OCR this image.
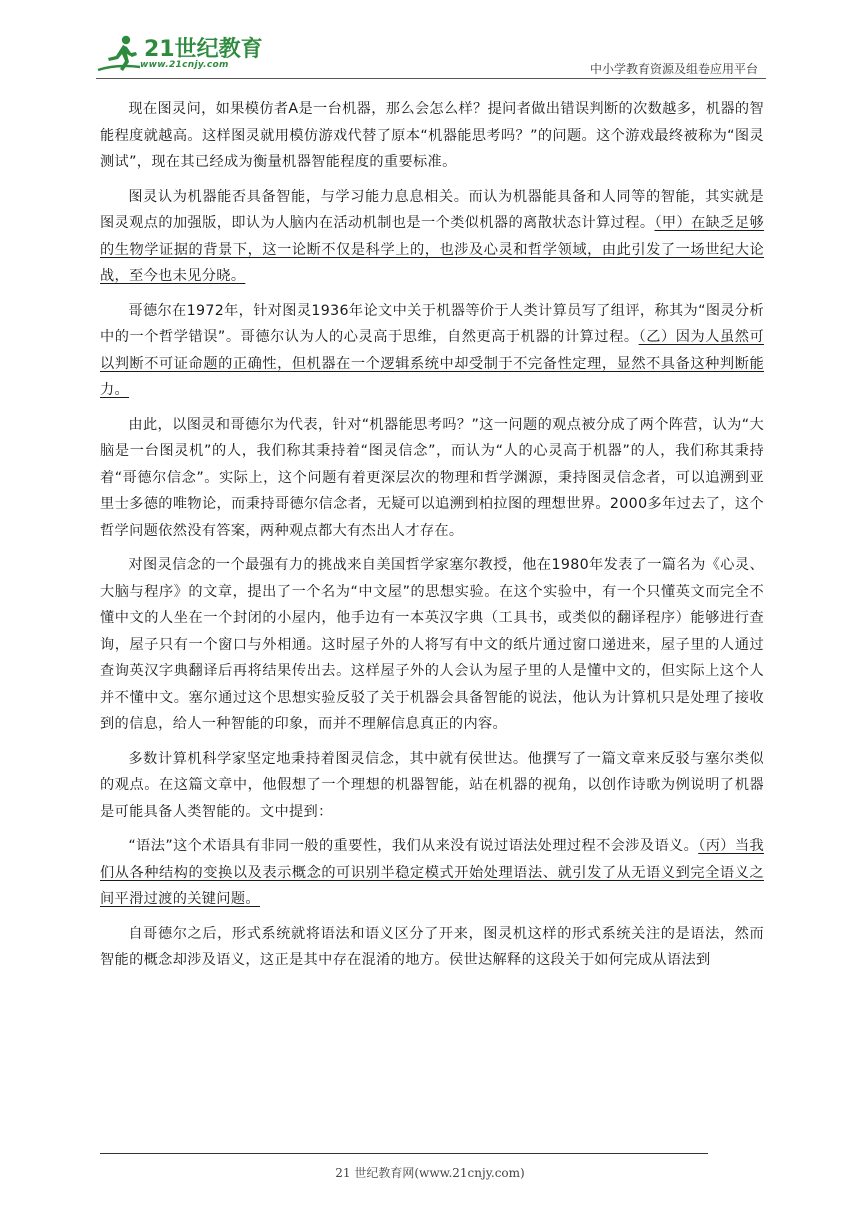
21世纪教育
www.21cnjy.com	中小学教育资源及组卷应用平台

现在图灵问，如果模仿者A是一台机器，那么会怎么样？提问者做出错误判断的次数越多，机器的智能程度就越高。这样图灵就用模仿游戏代替了原本“机器能思考吗？”的问题。这个游戏最终被称为“图灵测试”，现在其已经成为衡量机器智能程度的重要标准。

图灵认为机器能否具备智能，与学习能力息息相关。而认为机器能具备和人同等的智能，其实就是图灵观点的加强版，即认为人脑内在活动机制也是一个类似机器的离散状态计算过程。（甲）在缺乏足够的生物学证据的背景下，这一论断不仅是科学上的，也涉及心灵和哲学领域，由此引发了一场世纪大论战，至今也未见分晓。

哥德尔在1972年，针对图灵1936年论文中关于机器等价于人类计算员写了组评，称其为“图灵分析中的一个哲学错误”。哥德尔认为人的心灵高于思维，自然更高于机器的计算过程。（乙）因为人虽然可以判断不可证命题的正确性，但机器在一个逻辑系统中却受制于不完备性定理，显然不具备这种判断能力。

由此，以图灵和哥德尔为代表，针对“机器能思考吗？”这一问题的观点被分成了两个阵营，认为“大脑是一台图灵机”的人，我们称其秉持着“图灵信念”，而认为“人的心灵高于机器”的人，我们称其秉持着“哥德尔信念”。实际上，这个问题有着更深层次的物理和哲学渊源，秉持图灵信念者，可以追溯到亚里士多德的唯物论，而秉持哥德尔信念者，无疑可以追溯到柏拉图的理想世界。2000多年过去了，这个哲学问题依然没有答案，两种观点都大有杰出人才存在。

对图灵信念的一个最强有力的挑战来自美国哲学家塞尔教授，他在1980年发表了一篇名为《心灵、大脑与程序》的文章，提出了一个名为“中文屋”的思想实验。在这个实验中，有一个只懂英文而完全不懂中文的人坐在一个封闭的小屋内，他手边有一本英汉字典（工具书，或类似的翻译程序）能够进行查询，屋子只有一个窗口与外相通。这时屋子外的人将写有中文的纸片通过窗口递进来，屋子里的人通过查询英汉字典翻译后再将结果传出去。这样屋子外的人会认为屋子里的人是懂中文的，但实际上这个人并不懂中文。塞尔通过这个思想实验反驳了关于机器会具备智能的说法，他认为计算机只是处理了接收到的信息，给人一种智能的印象，而并不理解信息真正的内容。

多数计算机科学家坚定地秉持着图灵信念，其中就有侯世达。他撰写了一篇文章来反驳与塞尔类似的观点。在这篇文章中，他假想了一个理想的机器智能，站在机器的视角，以创作诗歌为例说明了机器是可能具备人类智能的。文中提到：

“语法”这个术语具有非同一般的重要性，我们从来没有说过语法处理过程不会涉及语义。（丙）当我们从各种结构的变换以及表示概念的可识别半稳定模式开始处理语法、就引发了从无语义到完全语义之间平滑过渡的关键问题。

自哥德尔之后，形式系统就将语法和语义区分了开来，图灵机这样的形式系统关注的是语法，然而智能的概念却涉及语义，这正是其中存在混淆的地方。侯世达解释的这段关于如何完成从语法到

21 世纪教育网(www.21cnjy.com)
